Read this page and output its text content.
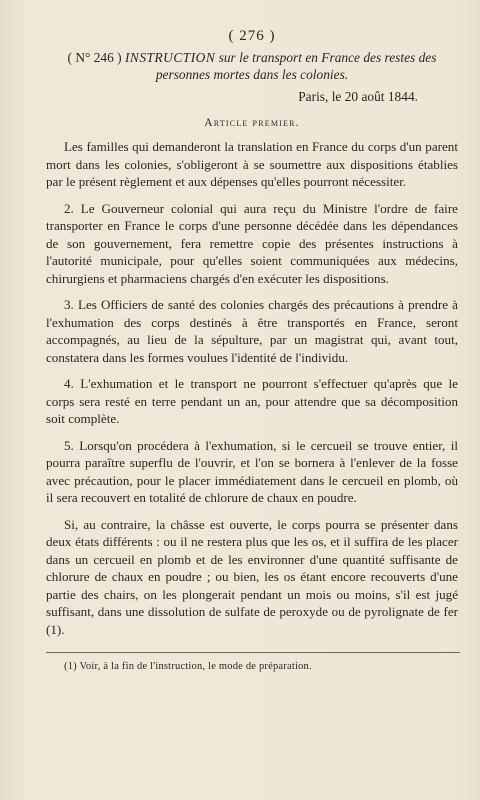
( 276 )
( N° 246 ) INSTRUCTION sur le transport en France des restes des personnes mortes dans les colonies.
Paris, le 20 août 1844.
Article premier.

Les familles qui demanderont la translation en France du corps d'un parent mort dans les colonies, s'obligeront à se soumettre aux dispositions établies par le présent règlement et aux dépenses qu'elles pourront nécessiter.

2. Le Gouverneur colonial qui aura reçu du Ministre l'ordre de faire transporter en France le corps d'une personne décédée dans les dépendances de son gouvernement, fera remettre copie des présentes instructions à l'autorité municipale, pour qu'elles soient communiquées aux médecins, chirurgiens et pharmaciens chargés d'en exécuter les dispositions.

3. Les Officiers de santé des colonies chargés des précautions à prendre à l'exhumation des corps destinés à être transportés en France, seront accompagnés, au lieu de la sépulture, par un magistrat qui, avant tout, constatera dans les formes voulues l'identité de l'individu.

4. L'exhumation et le transport ne pourront s'effectuer qu'après que le corps sera resté en terre pendant un an, pour attendre que sa décomposition soit complète.

5. Lorsqu'on procédera à l'exhumation, si le cercueil se trouve entier, il pourra paraître superflu de l'ouvrir, et l'on se bornera à l'enlever de la fosse avec précaution, pour le placer immédiatement dans le cercueil en plomb, où il sera recouvert en totalité de chlorure de chaux en poudre.

Si, au contraire, la châsse est ouverte, le corps pourra se présenter dans deux états différents : ou il ne restera plus que les os, et il suffira de les placer dans un cercueil en plomb et de les environner d'une quantité suffisante de chlorure de chaux en poudre ; ou bien, les os étant encore recouverts d'une partie des chairs, on les plongerait pendant un mois ou moins, s'il est jugé suffisant, dans une dissolution de sulfate de peroxyde ou de pyrolignate de fer (1).

(1) Voir, à la fin de l'instruction, le mode de préparation.
